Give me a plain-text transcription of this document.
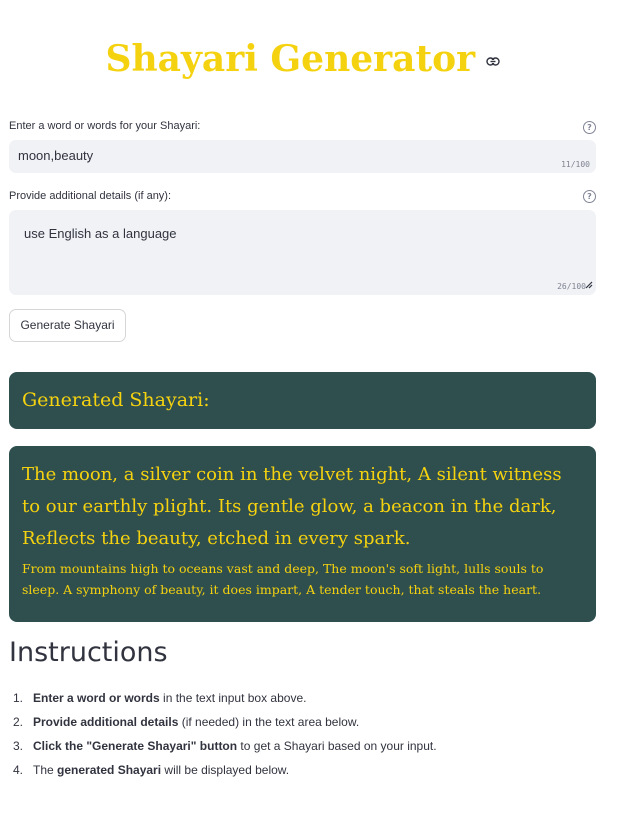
Shayari Generator
Enter a word or words for your Shayari:	?
moon,beauty
11/100
Provide additional details (if any):	?
use English as a language
26/100
Generate Shayari
Generated Shayari:
The moon, a silver coin in the velvet night, A silent witness to our earthly plight. Its gentle glow, a beacon in the dark, Reflects the beauty, etched in every spark.
From mountains high to oceans vast and deep, The moon's soft light, lulls souls to sleep. A symphony of beauty, it does impart, A tender touch, that steals the heart.
Instructions
1. Enter a word or words in the text input box above.
2. Provide additional details (if needed) in the text area below.
3. Click the "Generate Shayari" button to get a Shayari based on your input.
4. The generated Shayari will be displayed below.
